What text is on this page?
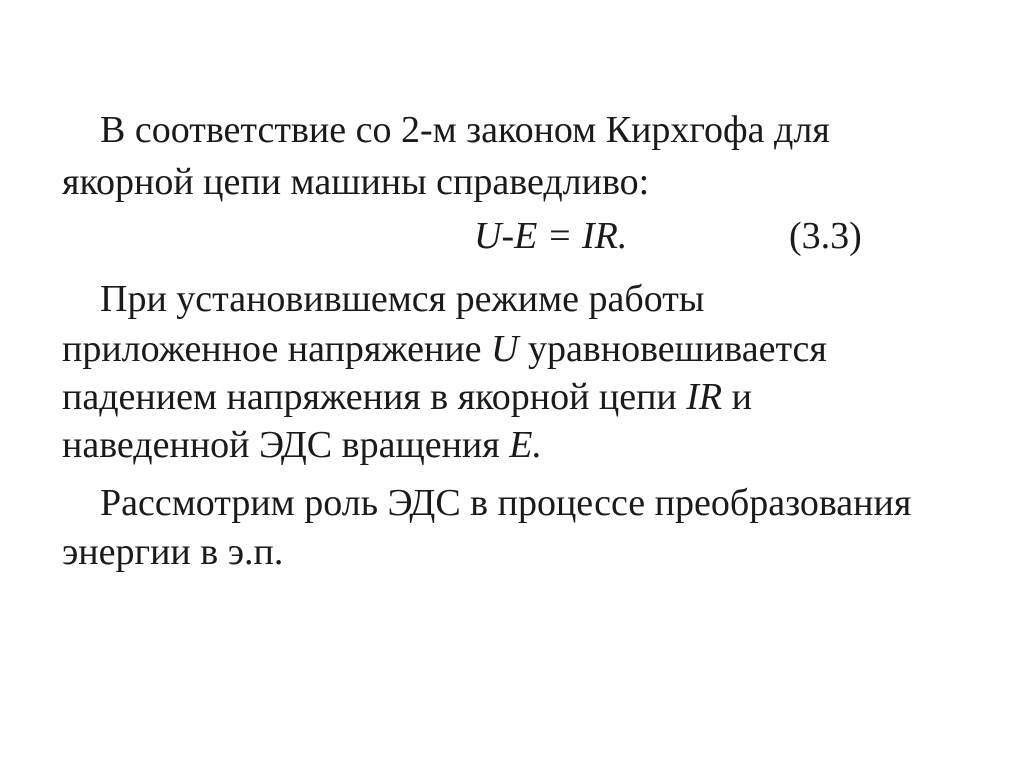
В соответствие со 2-м законом Кирхгофа для
якорной цепи машины справедливо:
U-E = IR.	(3.3)
При установившемся режиме работы
приложенное напряжение U уравновешивается
падением напряжения в якорной цепи IR и
наведенной ЭДС вращения E.
Рассмотрим роль ЭДС в процессе преобразования
энергии в э.п.
